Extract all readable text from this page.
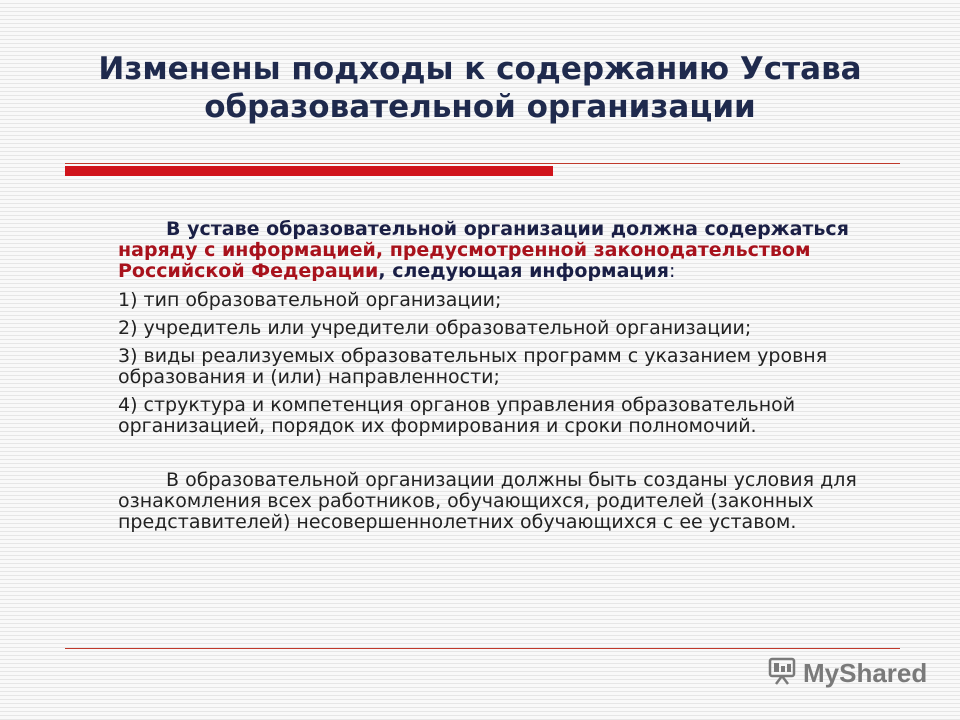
Изменены подходы к содержанию Устава
образовательной организации
В уставе образовательной организации должна содержаться наряду с информацией, предусмотренной законодательством Российской Федерации, следующая информация:
1) тип образовательной организации;
2) учредитель или учредители образовательной организации;
3) виды реализуемых образовательных программ с указанием уровня образования и (или) направленности;
4) структура и компетенция органов управления образовательной организацией, порядок их формирования и сроки полномочий.
В образовательной организации должны быть созданы условия для ознакомления всех работников, обучающихся, родителей (законных представителей) несовершеннолетних обучающихся с ее уставом.
MyShared
